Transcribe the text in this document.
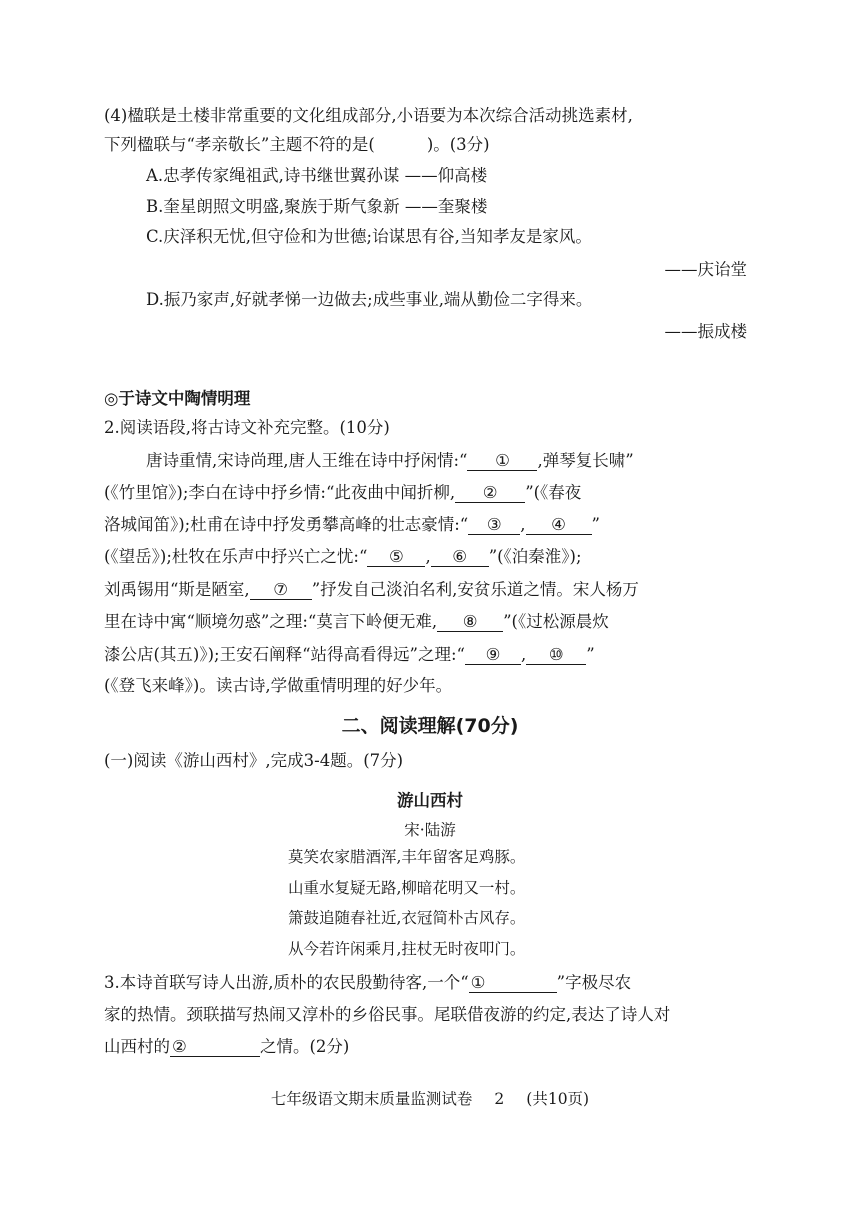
(4)楹联是土楼非常重要的文化组成部分,小语要为本次综合活动挑选素材,
下列楹联与“孝亲敬长”主题不符的是(	)。(3分)
A.忠孝传家绳祖武,诗书继世翼孙谋 ——仰高楼
B.奎星朗照文明盛,聚族于斯气象新 ——奎聚楼
C.庆泽积无忧,但守俭和为世德;诒谋思有谷,当知孝友是家风。
——庆诒堂
D.振乃家声,好就孝悌一边做去;成些事业,端从勤俭二字得来。
——振成楼
◎于诗文中陶情明理
2.阅读语段,将古诗文补充完整。(10分)
唐诗重情,宋诗尚理,唐人王维在诗中抒闲情:“ ① ,弹琴复长啸”
(《竹里馆》);李白在诗中抒乡情:“此夜曲中闻折柳, ② ”(《春夜
洛城闻笛》);杜甫在诗中抒发勇攀高峰的壮志豪情:“ ③ , ④ ”
(《望岳》);杜牧在乐声中抒兴亡之忧:“ ⑤ , ⑥ ”(《泊秦淮》);
刘禹锡用“斯是陋室, ⑦ ”抒发自己淡泊名利,安贫乐道之情。宋人杨万
里在诗中寓“顺境勿惑”之理:“莫言下岭便无难, ⑧ ”(《过松源晨炊
漆公店(其五)》);王安石阐释“站得高看得远”之理:“ ⑨ , ⑩ ”
(《登飞来峰》)。读古诗,学做重情明理的好少年。
二、阅读理解(70分)
(一)阅读《游山西村》,完成3-4题。(7分)
游山西村
宋·陆游
莫笑农家腊酒浑,丰年留客足鸡豚。
山重水复疑无路,柳暗花明又一村。
箫鼓追随春社近,衣冠简朴古风存。
从今若许闲乘月,拄杖无时夜叩门。
3.本诗首联写诗人出游,质朴的农民殷勤待客,一个“ ①	”字极尽农
家的热情。颈联描写热闹又淳朴的乡俗民事。尾联借夜游的约定,表达了诗人对
山西村的 ②	之情。(2分)
七年级语文期末质量监测试卷 2 (共10页)
